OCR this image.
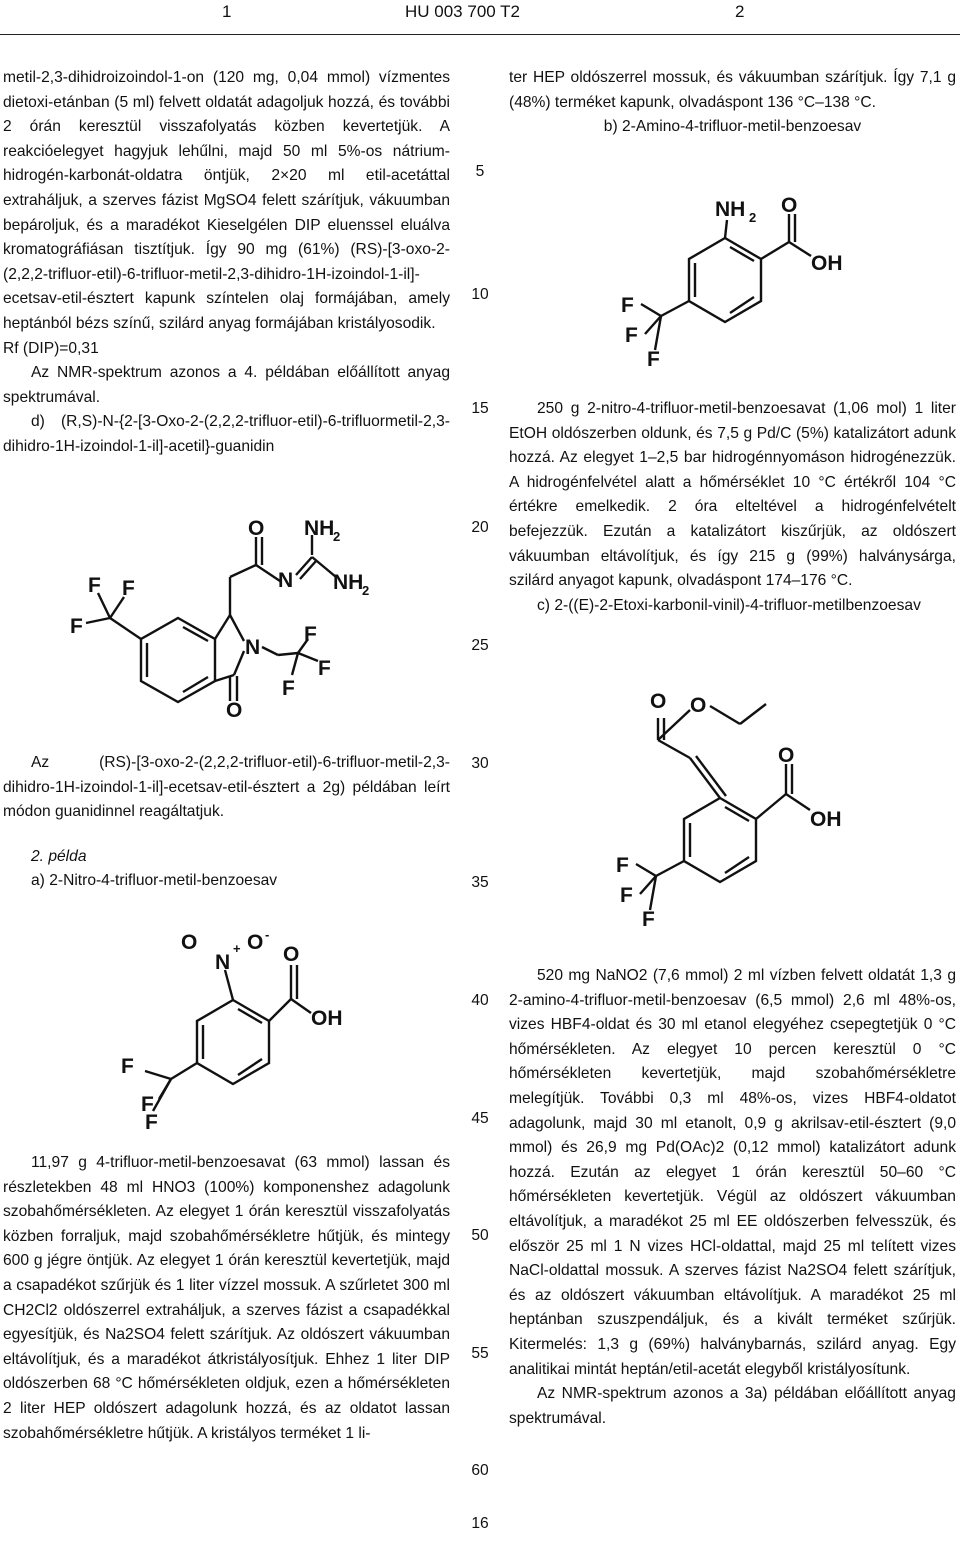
1	HU 003 700 T2	2
5
10
15
20
25
30
35
40
45
50
55
60

metil-2,3-dihidroizoindol-1-on (120 mg, 0,04 mmol) vízmentes dietoxi-etánban (5 ml) felvett oldatát adagoljuk hozzá, és további 2 órán keresztül visszafolyatás közben kevertetjük. A reakcióelegyet hagyjuk lehűlni, majd 50 ml 5%-os nátrium-hidrogén-karbonát-oldatra öntjük, 2×20 ml etil-acetáttal extraháljuk, a szerves fázist MgSO4 felett szárítjuk, vákuumban bepároljuk, és a maradékot Kieselgélen DIP eluenssel eluálva kromatográfiásan tisztítjuk. Így 90 mg (61%) (RS)-[3-oxo-2-(2,2,2-trifluor-etil)-6-trifluor-metil-2,3-dihidro-1H-izoindol-1-il]-ecetsav-etil-észtert kapunk színtelen olaj formájában, amely heptánból bézs színű, szilárd anyag formájában kristályosodik.

Rf (DIP)=0,31

Az NMR-spektrum azonos a 4. példában előállított anyag spektrumával.

d) (R,S)-N-{2-[3-Oxo-2-(2,2,2-trifluor-etil)-6-trifluormetil-2,3-dihidro-1H-izoindol-1-il]-acetil}-guanidin

O NH
2
N NH
2
N
O
F F
F	F
F
F

Az (RS)-[3-oxo-2-(2,2,2-trifluor-etil)-6-trifluor-metil-2,3-dihidro-1H-izoindol-1-il]-ecetsav-etil-észtert a 2g) példában leírt módon guanidinnel reagáltatjuk.

2. példa

a) 2-Nitro-4-trifluor-metil-benzoesav

O
N
+ O -
O
OH
F
F
F

11,97 g 4-trifluor-metil-benzoesavat (63 mmol) lassan és részletekben 48 ml HNO3 (100%) komponenshez adagolunk szobahőmérsékleten. Az elegyet 1 órán keresztül visszafolyatás közben forraljuk, majd szobahőmérsékletre hűtjük, és mintegy 600 g jégre öntjük. Az elegyet 1 órán keresztül kevertetjük, majd a csapadékot szűrjük és 1 liter vízzel mossuk. A szűrletet 300 ml CH2Cl2 oldószerrel extraháljuk, a szerves fázist a csapadékkal egyesítjük, és Na2SO4 felett szárítjuk. Az oldószert vákuumban eltávolítjuk, és a maradékot átkristályosítjuk. Ehhez 1 liter DIP oldószerben 68 °C hőmérsékleten oldjuk, ezen a hőmérsékleten 2 liter HEP oldószert adagolunk hozzá, és az oldatot lassan szobahőmérsékletre hűtjük. A kristályos terméket 1 li-

ter HEP oldószerrel mossuk, és vákuumban szárítjuk. Így 7,1 g (48%) terméket kapunk, olvadáspont 136 °C–138 °C.

b) 2-Amino-4-trifluor-metil-benzoesav

NH 2
O
OH
F
F
F

250 g 2-nitro-4-trifluor-metil-benzoesavat (1,06 mol) 1 liter EtOH oldószerben oldunk, és 7,5 g Pd/C (5%) katalizátort adunk hozzá. Az elegyet 1–2,5 bar hidrogénnyomáson hidrogénezzük. A hidrogénfelvétel alatt a hőmérséklet 10 °C értékről 104 °C értékre emelkedik. 2 óra elteltével a hidrogénfelvételt befejezzük. Ezután a katalizátort kiszűrjük, az oldószert vákuumban eltávolítjuk, és így 215 g (99%) halványsárga, szilárd anyagot kapunk, olvadáspont 174–176 °C.

c) 2-((E)-2-Etoxi-karbonil-vinil)-4-trifluor-metilbenzoesav

O O
O
OH
F
F
F

520 mg NaNO2 (7,6 mmol) 2 ml vízben felvett oldatát 1,3 g 2-amino-4-trifluor-metil-benzoesav (6,5 mmol) 2,6 ml 48%-os, vizes HBF4-oldat és 30 ml etanol elegyéhez csepegtetjük 0 °C hőmérsékleten. Az elegyet 10 percen keresztül 0 °C hőmérsékleten kevertetjük, majd szobahőmérsékletre melegítjük. További 0,3 ml 48%-os, vizes HBF4-oldatot adagolunk, majd 30 ml etanolt, 0,9 g akrilsav-etil-észtert (9,0 mmol) és 26,9 mg Pd(OAc)2 (0,12 mmol) katalizátort adunk hozzá. Ezután az elegyet 1 órán keresztül 50–60 °C hőmérsékleten kevertetjük. Végül az oldószert vákuumban eltávolítjuk, a maradékot 25 ml EE oldószerben felvesszük, és először 25 ml 1 N vizes HCl-oldattal, majd 25 ml telített vizes NaCl-oldattal mossuk. A szerves fázist Na2SO4 felett szárítjuk, és az oldószert vákuumban eltávolítjuk. A maradékot 25 ml heptánban szuszpendáljuk, és a kivált terméket szűrjük. Kitermelés: 1,3 g (69%) halványbarnás, szilárd anyag. Egy analitikai mintát heptán/etil-acetát elegyből kristályosítunk.

Az NMR-spektrum azonos a 3a) példában előállított anyag spektrumával.

16
